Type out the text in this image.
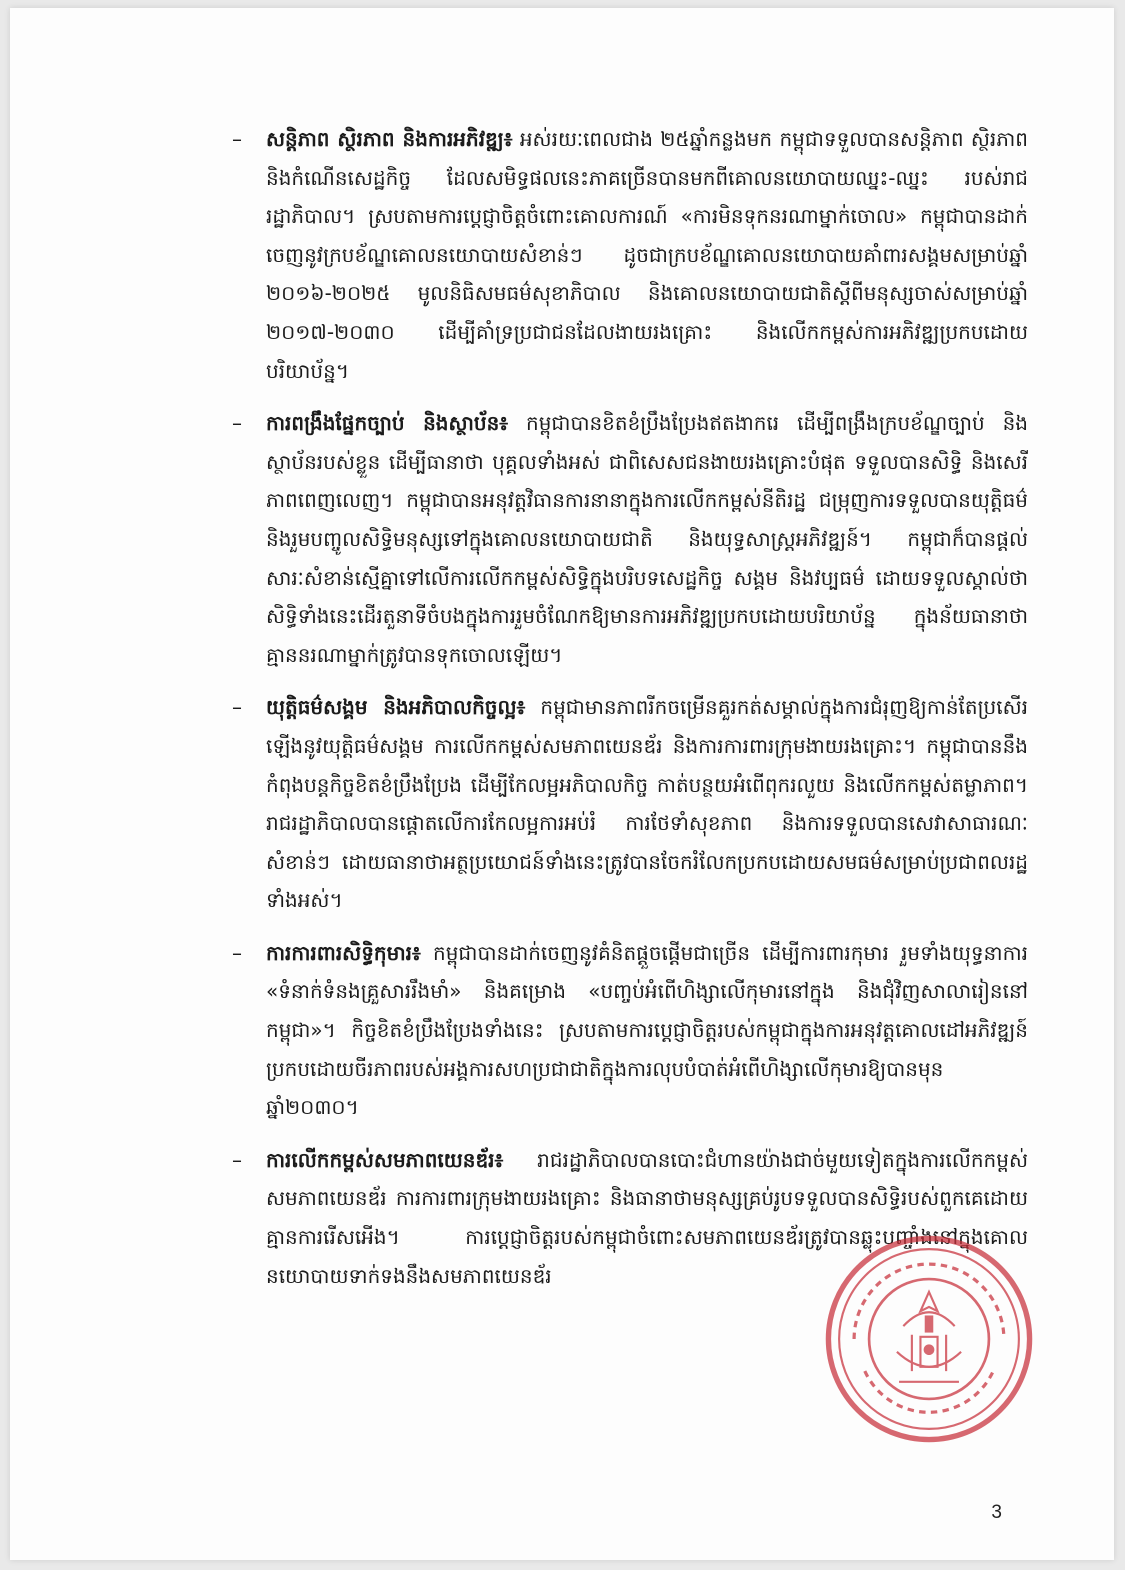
– សន្តិភាព ស្ថិរភាព និងការអភិវឌ្ឍ៖ អស់រយៈពេលជាង ២៥ឆ្នាំកន្លងមក កម្ពុជាទទួលបានសន្តិភាព ស្ថិរភាព និងកំណើនសេដ្ឋកិច្ច ដែលសមិទ្ធផលនេះភាគច្រើនបានមកពីគោលនយោបាយឈ្នះ-ឈ្នះ របស់រាជរដ្ឋាភិបាល។ ស្របតាមការប្តេជ្ញាចិត្តចំពោះគោលការណ៍ «ការមិនទុកនរណាម្នាក់ចោល» កម្ពុជាបានដាក់ចេញនូវក្របខ័ណ្ឌគោលនយោបាយសំខាន់ៗ ដូចជាក្របខ័ណ្ឌគោលនយោបាយគាំពារសង្គមសម្រាប់ឆ្នាំ ២០១៦-២០២៥ មូលនិធិសមធម៌សុខាភិបាល និងគោលនយោបាយជាតិស្តីពីមនុស្សចាស់សម្រាប់ឆ្នាំ ២០១៧-២០៣០ ដើម្បីគាំទ្រប្រជាជនដែលងាយរងគ្រោះ និងលើកកម្ពស់ការអភិវឌ្ឍប្រកបដោយបរិយាប័ន្ន។
– ការពង្រឹងផ្នែកច្បាប់ និងស្ថាប័ន៖ កម្ពុជាបានខិតខំប្រឹងប្រែងឥតងាករេ ដើម្បីពង្រឹងក្របខ័ណ្ឌច្បាប់ និងស្ថាប័នរបស់ខ្លួន ដើម្បីធានាថា បុគ្គលទាំងអស់ ជាពិសេសជនងាយរងគ្រោះបំផុត ទទួលបានសិទ្ធិ និងសេរីភាពពេញលេញ។ កម្ពុជាបានអនុវត្តវិធានការនានាក្នុងការលើកកម្ពស់នីតិរដ្ឋ ជម្រុញការទទួលបានយុត្តិធម៌ និងរួមបញ្ចូលសិទ្ធិមនុស្សទៅក្នុងគោលនយោបាយជាតិ និងយុទ្ធសាស្ត្រអភិវឌ្ឍន៍។ កម្ពុជាក៏បានផ្តល់សារៈសំខាន់ស្មើគ្នាទៅលើការលើកកម្ពស់សិទ្ធិក្នុងបរិបទសេដ្ឋកិច្ច សង្គម និងវប្បធម៌ ដោយទទួលស្គាល់ថាសិទ្ធិទាំងនេះដើរតួនាទីចំបងក្នុងការរួមចំណែកឱ្យមានការអភិវឌ្ឍប្រកបដោយបរិយាប័ន្ន ក្នុងន័យធានាថាគ្មាននរណាម្នាក់ត្រូវបានទុកចោលឡើយ។
– យុត្តិធម៌សង្គម និងអភិបាលកិច្ចល្អ៖ កម្ពុជាមានភាពរីកចម្រើនគួរកត់សម្គាល់ក្នុងការជំរុញឱ្យកាន់តែប្រសើរឡើងនូវយុត្តិធម៌សង្គម ការលើកកម្ពស់សមភាពយេនឌ័រ និងការការពារក្រុមងាយរងគ្រោះ។ កម្ពុជាបាននឹងកំពុងបន្តកិច្ចខិតខំប្រឹងប្រែង ដើម្បីកែលម្អអភិបាលកិច្ច កាត់បន្ថយអំពើពុករលួយ និងលើកកម្ពស់តម្លាភាព។ រាជរដ្ឋាភិបាលបានផ្តោតលើការកែលម្អការអប់រំ ការថែទាំសុខភាព និងការទទួលបានសេវាសាធារណៈសំខាន់ៗ ដោយធានាថាអត្ថប្រយោជន៍ទាំងនេះត្រូវបានចែករំលែកប្រកបដោយសមធម៌សម្រាប់ប្រជាពលរដ្ឋទាំងអស់។
– ការការពារសិទ្ធិកុមារ៖ កម្ពុជាបានដាក់ចេញនូវគំនិតផ្តួចផ្តើមជាច្រើន ដើម្បីការពារកុមារ រួមទាំងយុទ្ធនាការ «ទំនាក់ទំនងគ្រួសាររឹងមាំ» និងគម្រោង «បញ្ចប់អំពើហិង្សាលើកុមារនៅក្នុង និងជុំវិញសាលារៀននៅកម្ពុជា»។ កិច្ចខិតខំប្រឹងប្រែងទាំងនេះ ស្របតាមការប្តេជ្ញាចិត្តរបស់កម្ពុជាក្នុងការអនុវត្តគោលដៅអភិវឌ្ឍន៍ប្រកបដោយចីរភាពរបស់អង្គការសហប្រជាជាតិក្នុងការលុបបំបាត់អំពើហិង្សាលើកុមារឱ្យបានមុនឆ្នាំ២០៣០។
– ការលើកកម្ពស់សមភាពយេនឌ័រ៖ រាជរដ្ឋាភិបាលបានបោះជំហានយ៉ាងជាច់មួយទៀតក្នុងការលើកកម្ពស់សមភាពយេនឌ័រ ការការពារក្រុមងាយរងគ្រោះ និងធានាថាមនុស្សគ្រប់រូបទទួលបានសិទ្ធិរបស់ពួកគេដោយគ្មានការរើសអើង។ ការប្តេជ្ញាចិត្តរបស់កម្ពុជាចំពោះសមភាពយេនឌ័រត្រូវបានឆ្លុះបញ្ចាំងនៅក្នុងគោលនយោបាយទាក់ទងនឹងសមភាពយេនឌ័រ
3
